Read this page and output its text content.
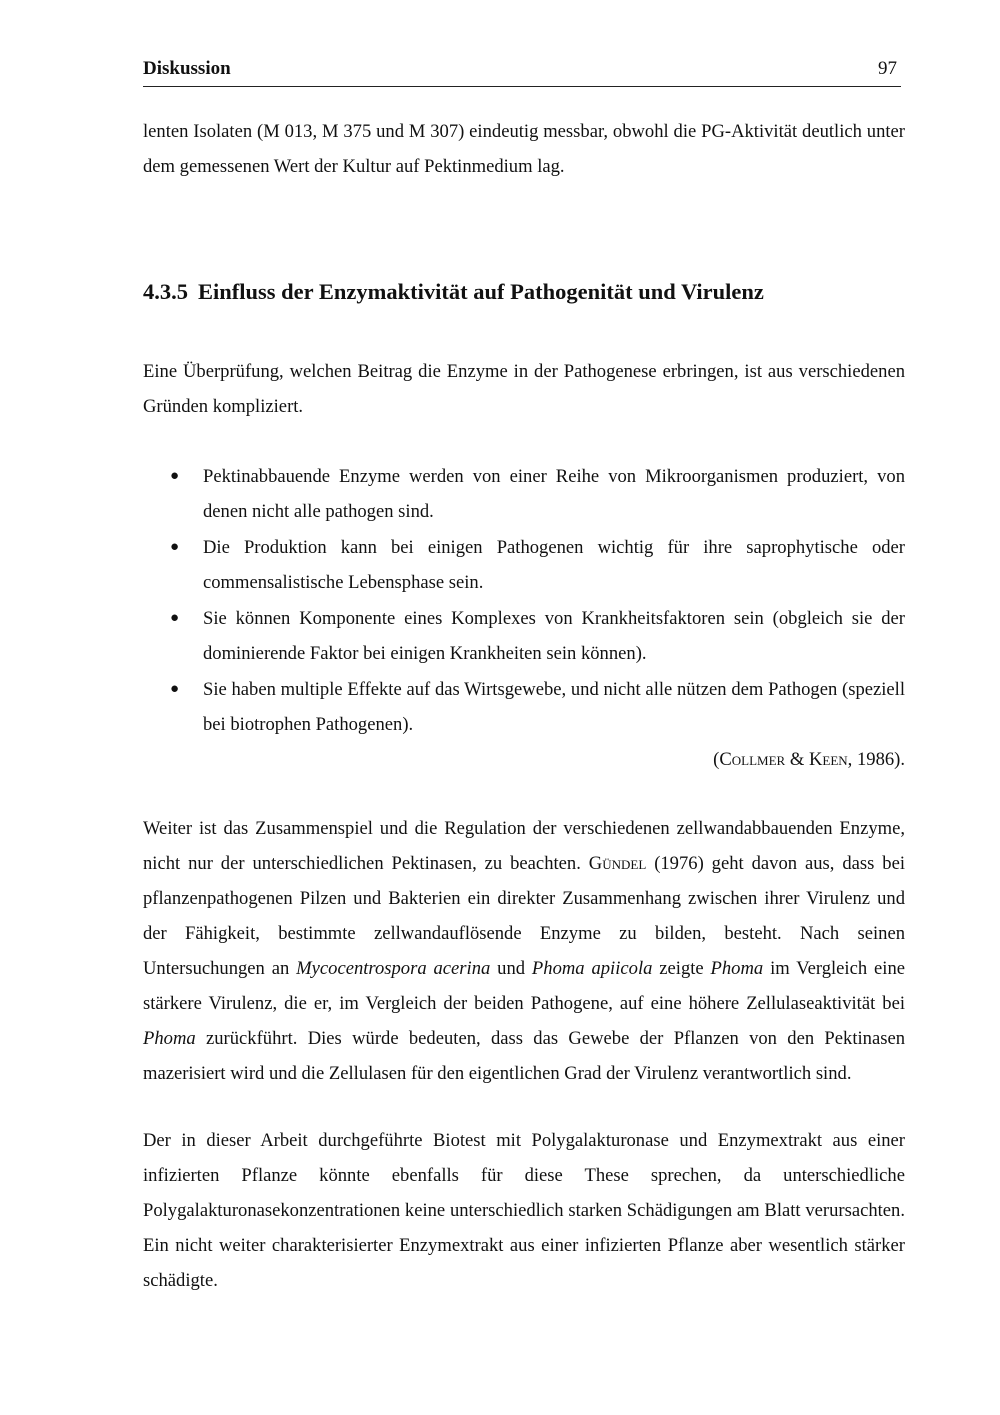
Diskussion	97

lenten Isolaten (M 013, M 375 und M 307) eindeutig messbar, obwohl die PG-Aktivität deutlich unter dem gemessenen Wert der Kultur auf Pektinmedium lag.

4.3.5 Einfluss der Enzymaktivität auf Pathogenität und Virulenz

Eine Überprüfung, welchen Beitrag die Enzyme in der Pathogenese erbringen, ist aus verschiedenen Gründen kompliziert.

● Pektinabbauende Enzyme werden von einer Reihe von Mikroorganismen produziert, von denen nicht alle pathogen sind.
● Die Produktion kann bei einigen Pathogenen wichtig für ihre saprophytische oder commensalistische Lebensphase sein.
● Sie können Komponente eines Komplexes von Krankheitsfaktoren sein (obgleich sie der dominierende Faktor bei einigen Krankheiten sein können).
● Sie haben multiple Effekte auf das Wirtsgewebe, und nicht alle nützen dem Pathogen (speziell bei biotrophen Pathogenen).
(Collmer & Keen, 1986).

Weiter ist das Zusammenspiel und die Regulation der verschiedenen zellwandabbauenden Enzyme, nicht nur der unterschiedlichen Pektinasen, zu beachten. Gündel (1976) geht davon aus, dass bei pflanzenpathogenen Pilzen und Bakterien ein direkter Zusammenhang zwischen ihrer Virulenz und der Fähigkeit, bestimmte zellwandauflösende Enzyme zu bilden, besteht. Nach seinen Untersuchungen an Mycocentrospora acerina und Phoma apiicola zeigte Phoma im Vergleich eine stärkere Virulenz, die er, im Vergleich der beiden Pathogene, auf eine höhere Zellulaseaktivität bei Phoma zurückführt. Dies würde bedeuten, dass das Gewebe der Pflanzen von den Pektinasen mazerisiert wird und die Zellulasen für den eigentlichen Grad der Virulenz verantwortlich sind.

Der in dieser Arbeit durchgeführte Biotest mit Polygalakturonase und Enzymextrakt aus einer infizierten Pflanze könnte ebenfalls für diese These sprechen, da unterschiedliche Polygalakturonasekonzentrationen keine unterschiedlich starken Schädigungen am Blatt verursachten. Ein nicht weiter charakterisierter Enzymextrakt aus einer infizierten Pflanze aber wesentlich stärker schädigte.
